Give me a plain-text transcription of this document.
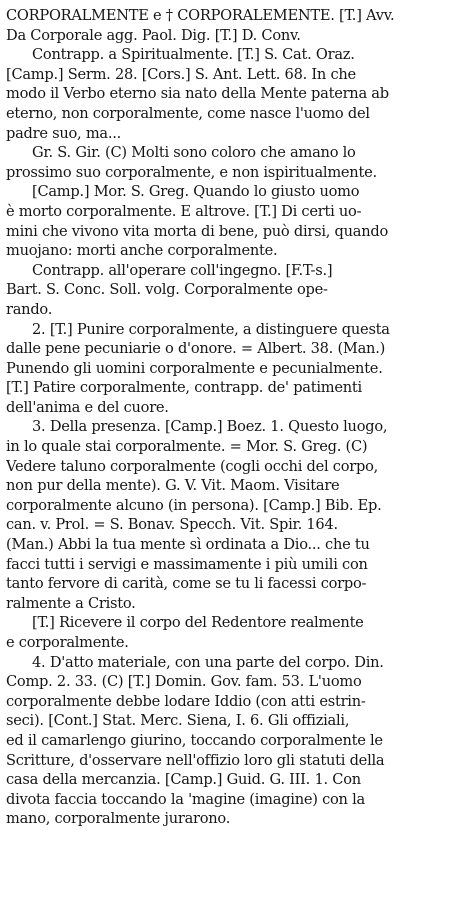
CORPORALMENTE e † CORPORALEMENTE. [T.] Avv.
Da Corporale agg. Paol. Dig. [T.] D. Conv.
Contrapp. a Spiritualmente. [T.] S. Cat. Oraz.
[Camp.] Serm. 28. [Cors.] S. Ant. Lett. 68. In che
modo il Verbo eterno sia nato della Mente paterna ab
eterno, non corporalmente, come nasce l'uomo del
padre suo, ma...
Gr. S. Gir. (C) Molti sono coloro che amano lo
prossimo suo corporalmente, e non ispiritualmente.
[Camp.] Mor. S. Greg. Quando lo giusto uomo
è morto corporalmente. E altrove. [T.] Di certi uo-
mini che vivono vita morta di bene, può dirsi, quando
muojano: morti anche corporalmente.
Contrapp. all'operare coll'ingegno. [F.T-s.]
Bart. S. Conc. Soll. volg. Corporalmente ope-
rando.
2. [T.] Punire corporalmente, a distinguere questa
dalle pene pecuniarie o d'onore. = Albert. 38. (Man.)
Punendo gli uomini corporalmente e pecunialmente.
[T.] Patire corporalmente, contrapp. de' patimenti
dell'anima e del cuore.
3. Della presenza. [Camp.] Boez. 1. Questo luogo,
in lo quale stai corporalmente. = Mor. S. Greg. (C)
Vedere taluno corporalmente (cogli occhi del corpo,
non pur della mente). G. V. Vit. Maom. Visitare
corporalmente alcuno (in persona). [Camp.] Bib. Ep.
can. v. Prol. = S. Bonav. Specch. Vit. Spir. 164.
(Man.) Abbi la tua mente sì ordinata a Dio... che tu
facci tutti i servigi e massimamente i più umili con
tanto fervore di carità, come se tu li facessi corpo-
ralmente a Cristo.
[T.] Ricevere il corpo del Redentore realmente
e corporalmente.
4. D'atto materiale, con una parte del corpo. Din.
Comp. 2. 33. (C) [T.] Domin. Gov. fam. 53. L'uomo
corporalmente debbe lodare Iddio (con atti estrin-
seci). [Cont.] Stat. Merc. Siena, I. 6. Gli offiziali,
ed il camarlengo giurino, toccando corporalmente le
Scritture, d'osservare nell'offizio loro gli statuti della
casa della mercanzia. [Camp.] Guid. G. III. 1. Con
divota faccia toccando la 'magine (imagine) con la
mano, corporalmente jurarono.
